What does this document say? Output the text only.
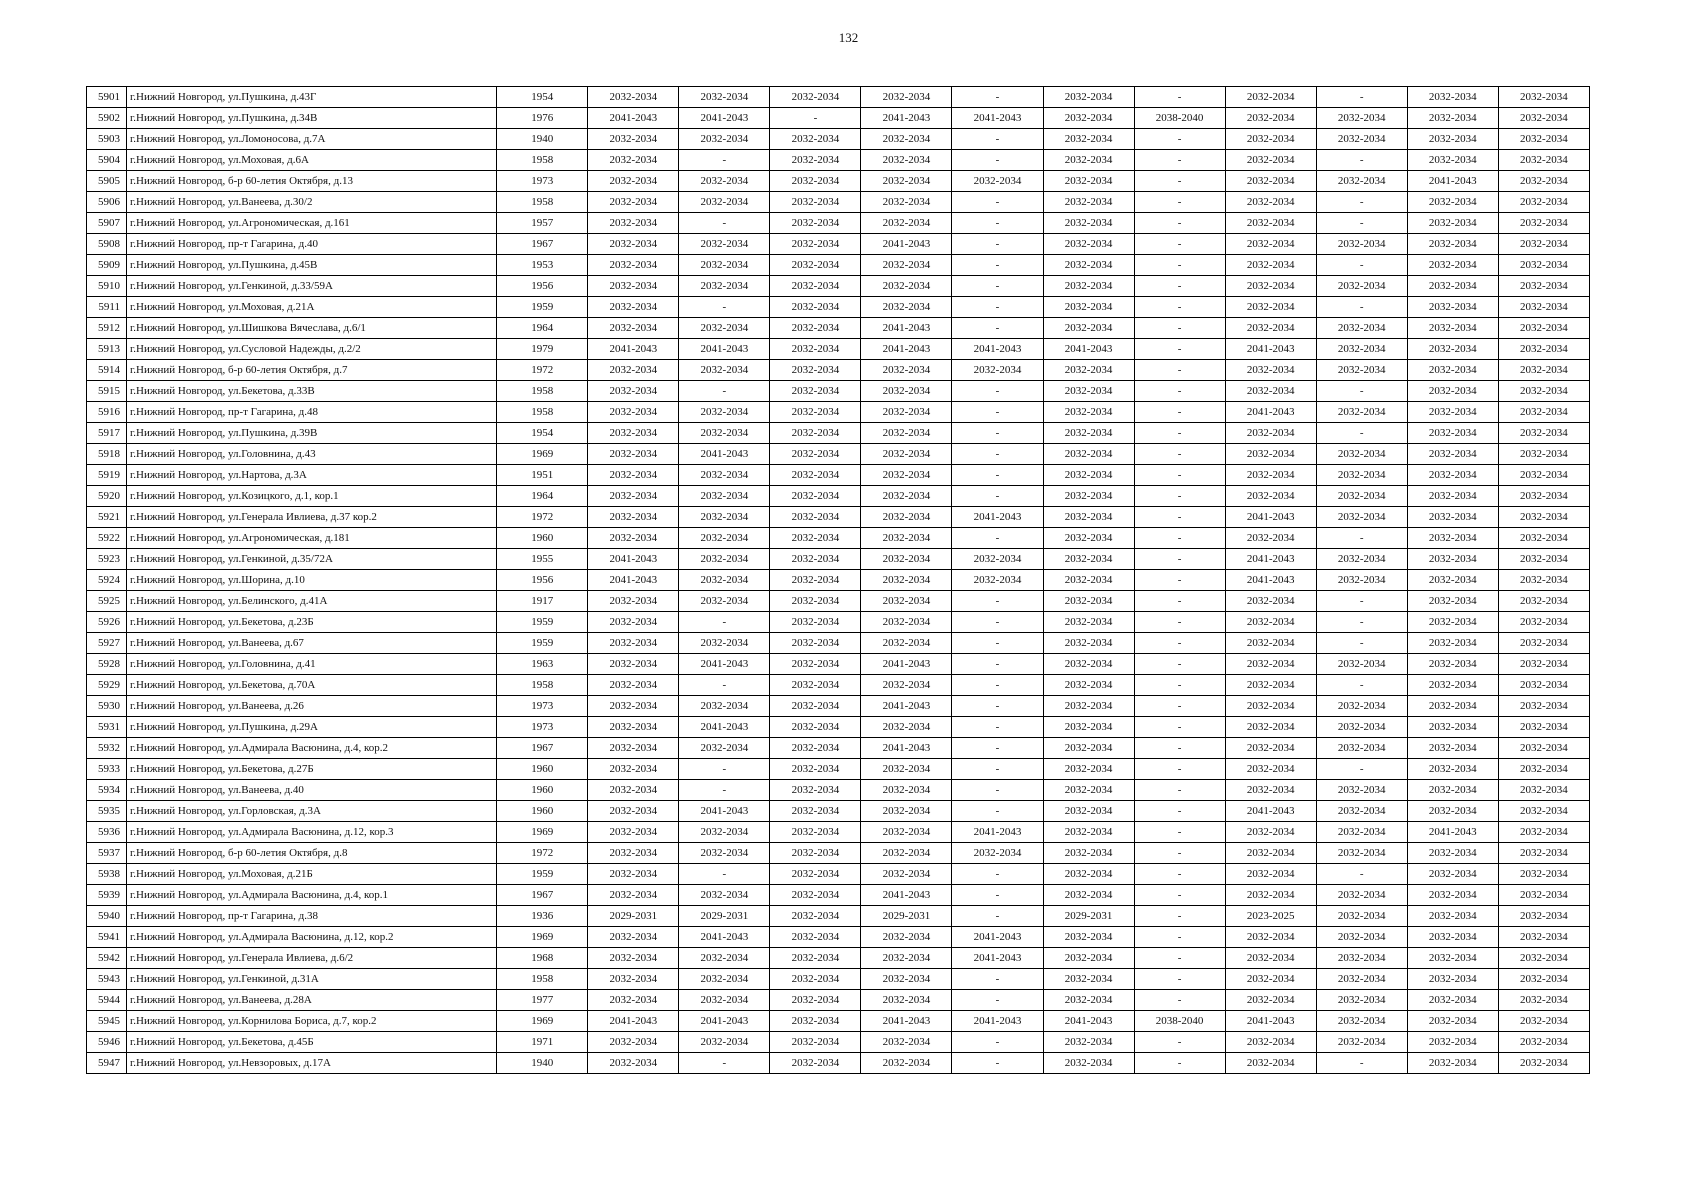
132
5901	г.Нижний Новгород, ул.Пушкина, д.43Г	1954	2032-2034	2032-2034	2032-2034	2032-2034	-	2032-2034	-	2032-2034	-	2032-2034	2032-2034
5902	г.Нижний Новгород, ул.Пушкина, д.34В	1976	2041-2043	2041-2043	-	2041-2043	2041-2043	2032-2034	2038-2040	2032-2034	2032-2034	2032-2034	2032-2034
5903	г.Нижний Новгород, ул.Ломоносова, д.7А	1940	2032-2034	2032-2034	2032-2034	2032-2034	-	2032-2034	-	2032-2034	2032-2034	2032-2034	2032-2034
5904	г.Нижний Новгород, ул.Моховая, д.6А	1958	2032-2034	-	2032-2034	2032-2034	-	2032-2034	-	2032-2034	-	2032-2034	2032-2034
5905	г.Нижний Новгород, б-р 60-летия Октября, д.13	1973	2032-2034	2032-2034	2032-2034	2032-2034	2032-2034	2032-2034	-	2032-2034	2032-2034	2041-2043	2032-2034
5906	г.Нижний Новгород, ул.Ванеева, д.30/2	1958	2032-2034	2032-2034	2032-2034	2032-2034	-	2032-2034	-	2032-2034	-	2032-2034	2032-2034
5907	г.Нижний Новгород, ул.Агрономическая, д.161	1957	2032-2034	-	2032-2034	2032-2034	-	2032-2034	-	2032-2034	-	2032-2034	2032-2034
5908	г.Нижний Новгород, пр-т Гагарина, д.40	1967	2032-2034	2032-2034	2032-2034	2041-2043	-	2032-2034	-	2032-2034	2032-2034	2032-2034	2032-2034
5909	г.Нижний Новгород, ул.Пушкина, д.45В	1953	2032-2034	2032-2034	2032-2034	2032-2034	-	2032-2034	-	2032-2034	-	2032-2034	2032-2034
5910	г.Нижний Новгород, ул.Генкиной, д.33/59А	1956	2032-2034	2032-2034	2032-2034	2032-2034	-	2032-2034	-	2032-2034	2032-2034	2032-2034	2032-2034
5911	г.Нижний Новгород, ул.Моховая, д.21А	1959	2032-2034	-	2032-2034	2032-2034	-	2032-2034	-	2032-2034	-	2032-2034	2032-2034
5912	г.Нижний Новгород, ул.Шишкова Вячеслава, д.6/1	1964	2032-2034	2032-2034	2032-2034	2041-2043	-	2032-2034	-	2032-2034	2032-2034	2032-2034	2032-2034
5913	г.Нижний Новгород, ул.Сусловой Надежды, д.2/2	1979	2041-2043	2041-2043	2032-2034	2041-2043	2041-2043	2041-2043	-	2041-2043	2032-2034	2032-2034	2032-2034
5914	г.Нижний Новгород, б-р 60-летия Октября, д.7	1972	2032-2034	2032-2034	2032-2034	2032-2034	2032-2034	2032-2034	-	2032-2034	2032-2034	2032-2034	2032-2034
5915	г.Нижний Новгород, ул.Бекетова, д.33В	1958	2032-2034	-	2032-2034	2032-2034	-	2032-2034	-	2032-2034	-	2032-2034	2032-2034
5916	г.Нижний Новгород, пр-т Гагарина, д.48	1958	2032-2034	2032-2034	2032-2034	2032-2034	-	2032-2034	-	2041-2043	2032-2034	2032-2034	2032-2034
5917	г.Нижний Новгород, ул.Пушкина, д.39В	1954	2032-2034	2032-2034	2032-2034	2032-2034	-	2032-2034	-	2032-2034	-	2032-2034	2032-2034
5918	г.Нижний Новгород, ул.Головнина, д.43	1969	2032-2034	2041-2043	2032-2034	2032-2034	-	2032-2034	-	2032-2034	2032-2034	2032-2034	2032-2034
5919	г.Нижний Новгород, ул.Нартова, д.3А	1951	2032-2034	2032-2034	2032-2034	2032-2034	-	2032-2034	-	2032-2034	2032-2034	2032-2034	2032-2034
5920	г.Нижний Новгород, ул.Козицкого, д.1, кор.1	1964	2032-2034	2032-2034	2032-2034	2032-2034	-	2032-2034	-	2032-2034	2032-2034	2032-2034	2032-2034
5921	г.Нижний Новгород, ул.Генерала Ивлиева, д.37 кор.2	1972	2032-2034	2032-2034	2032-2034	2032-2034	2041-2043	2032-2034	-	2041-2043	2032-2034	2032-2034	2032-2034
5922	г.Нижний Новгород, ул.Агрономическая, д.181	1960	2032-2034	2032-2034	2032-2034	2032-2034	-	2032-2034	-	2032-2034	-	2032-2034	2032-2034
5923	г.Нижний Новгород, ул.Генкиной, д.35/72А	1955	2041-2043	2032-2034	2032-2034	2032-2034	2032-2034	2032-2034	-	2041-2043	2032-2034	2032-2034	2032-2034
5924	г.Нижний Новгород, ул.Шорина, д.10	1956	2041-2043	2032-2034	2032-2034	2032-2034	2032-2034	2032-2034	-	2041-2043	2032-2034	2032-2034	2032-2034
5925	г.Нижний Новгород, ул.Белинского, д.41А	1917	2032-2034	2032-2034	2032-2034	2032-2034	-	2032-2034	-	2032-2034	-	2032-2034	2032-2034
5926	г.Нижний Новгород, ул.Бекетова, д.23Б	1959	2032-2034	-	2032-2034	2032-2034	-	2032-2034	-	2032-2034	-	2032-2034	2032-2034
5927	г.Нижний Новгород, ул.Ванеева, д.67	1959	2032-2034	2032-2034	2032-2034	2032-2034	-	2032-2034	-	2032-2034	-	2032-2034	2032-2034
5928	г.Нижний Новгород, ул.Головнина, д.41	1963	2032-2034	2041-2043	2032-2034	2041-2043	-	2032-2034	-	2032-2034	2032-2034	2032-2034	2032-2034
5929	г.Нижний Новгород, ул.Бекетова, д.70А	1958	2032-2034	-	2032-2034	2032-2034	-	2032-2034	-	2032-2034	-	2032-2034	2032-2034
5930	г.Нижний Новгород, ул.Ванеева, д.26	1973	2032-2034	2032-2034	2032-2034	2041-2043	-	2032-2034	-	2032-2034	2032-2034	2032-2034	2032-2034
5931	г.Нижний Новгород, ул.Пушкина, д.29А	1973	2032-2034	2041-2043	2032-2034	2032-2034	-	2032-2034	-	2032-2034	2032-2034	2032-2034	2032-2034
5932	г.Нижний Новгород, ул.Адмирала Васюнина, д.4, кор.2	1967	2032-2034	2032-2034	2032-2034	2041-2043	-	2032-2034	-	2032-2034	2032-2034	2032-2034	2032-2034
5933	г.Нижний Новгород, ул.Бекетова, д.27Б	1960	2032-2034	-	2032-2034	2032-2034	-	2032-2034	-	2032-2034	-	2032-2034	2032-2034
5934	г.Нижний Новгород, ул.Ванеева, д.40	1960	2032-2034	-	2032-2034	2032-2034	-	2032-2034	-	2032-2034	2032-2034	2032-2034	2032-2034
5935	г.Нижний Новгород, ул.Горловская, д.3А	1960	2032-2034	2041-2043	2032-2034	2032-2034	-	2032-2034	-	2041-2043	2032-2034	2032-2034	2032-2034
5936	г.Нижний Новгород, ул.Адмирала Васюнина, д.12, кор.3	1969	2032-2034	2032-2034	2032-2034	2032-2034	2041-2043	2032-2034	-	2032-2034	2032-2034	2041-2043	2032-2034
5937	г.Нижний Новгород, б-р 60-летия Октября, д.8	1972	2032-2034	2032-2034	2032-2034	2032-2034	2032-2034	2032-2034	-	2032-2034	2032-2034	2032-2034	2032-2034
5938	г.Нижний Новгород, ул.Моховая, д.21Б	1959	2032-2034	-	2032-2034	2032-2034	-	2032-2034	-	2032-2034	-	2032-2034	2032-2034
5939	г.Нижний Новгород, ул.Адмирала Васюнина, д.4, кор.1	1967	2032-2034	2032-2034	2032-2034	2041-2043	-	2032-2034	-	2032-2034	2032-2034	2032-2034	2032-2034
5940	г.Нижний Новгород, пр-т Гагарина, д.38	1936	2029-2031	2029-2031	2032-2034	2029-2031	-	2029-2031	-	2023-2025	2032-2034	2032-2034	2032-2034
5941	г.Нижний Новгород, ул.Адмирала Васюнина, д.12, кор.2	1969	2032-2034	2041-2043	2032-2034	2032-2034	2041-2043	2032-2034	-	2032-2034	2032-2034	2032-2034	2032-2034
5942	г.Нижний Новгород, ул.Генерала Ивлиева, д.6/2	1968	2032-2034	2032-2034	2032-2034	2032-2034	2041-2043	2032-2034	-	2032-2034	2032-2034	2032-2034	2032-2034
5943	г.Нижний Новгород, ул.Генкиной, д.31А	1958	2032-2034	2032-2034	2032-2034	2032-2034	-	2032-2034	-	2032-2034	2032-2034	2032-2034	2032-2034
5944	г.Нижний Новгород, ул.Ванеева, д.28А	1977	2032-2034	2032-2034	2032-2034	2032-2034	-	2032-2034	-	2032-2034	2032-2034	2032-2034	2032-2034
5945	г.Нижний Новгород, ул.Корнилова Бориса, д.7, кор.2	1969	2041-2043	2041-2043	2032-2034	2041-2043	2041-2043	2041-2043	2038-2040	2041-2043	2032-2034	2032-2034	2032-2034
5946	г.Нижний Новгород, ул.Бекетова, д.45Б	1971	2032-2034	2032-2034	2032-2034	2032-2034	-	2032-2034	-	2032-2034	2032-2034	2032-2034	2032-2034
5947	г.Нижний Новгород, ул.Невзоровых, д.17А	1940	2032-2034	-	2032-2034	2032-2034	-	2032-2034	-	2032-2034	-	2032-2034	2032-2034
